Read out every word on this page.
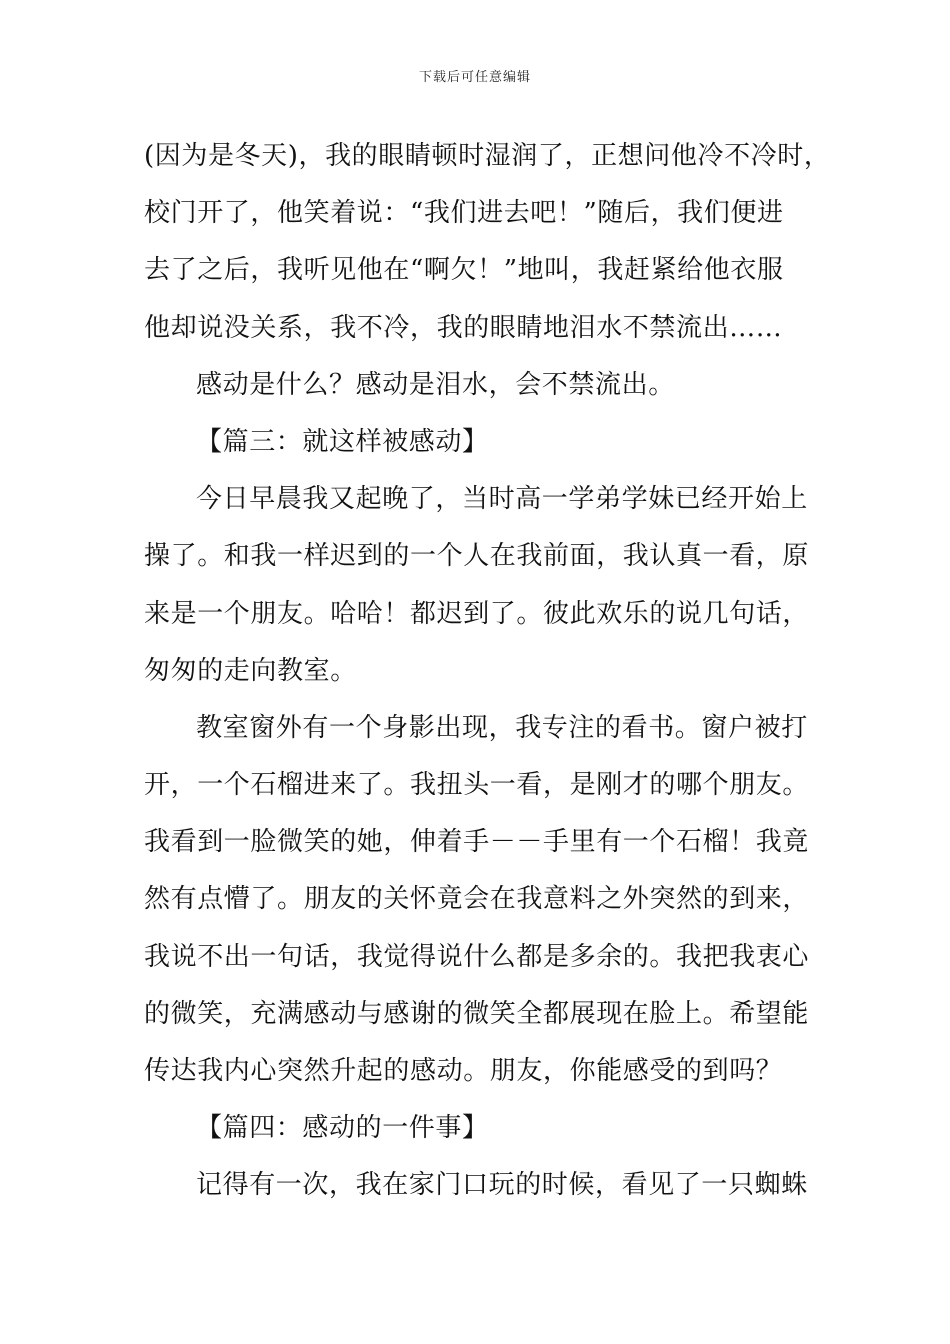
下载后可任意编辑
(因为是冬天)，我的眼睛顿时湿润了，正想问他冷不冷时，
校门开了，他笑着说：“我们进去吧！”随后，我们便进
去了之后，我听见他在“啊欠！”地叫，我赶紧给他衣服
他却说没关系，我不冷，我的眼睛地泪水不禁流出……
感动是什么？感动是泪水，会不禁流出。
【篇三：就这样被感动】
今日早晨我又起晚了，当时高一学弟学妹已经开始上
操了。和我一样迟到的一个人在我前面，我认真一看，原
来是一个朋友。哈哈！都迟到了。彼此欢乐的说几句话，
匆匆的走向教室。
教室窗外有一个身影出现，我专注的看书。窗户被打
开，一个石榴进来了。我扭头一看，是刚才的哪个朋友。
我看到一脸微笑的她，伸着手－－手里有一个石榴！我竟
然有点懵了。朋友的关怀竟会在我意料之外突然的到来，
我说不出一句话，我觉得说什么都是多余的。我把我衷心
的微笑，充满感动与感谢的微笑全都展现在脸上。希望能
传达我内心突然升起的感动。朋友，你能感受的到吗？
【篇四：感动的一件事】
记得有一次，我在家门口玩的时候，看见了一只蜘蛛
